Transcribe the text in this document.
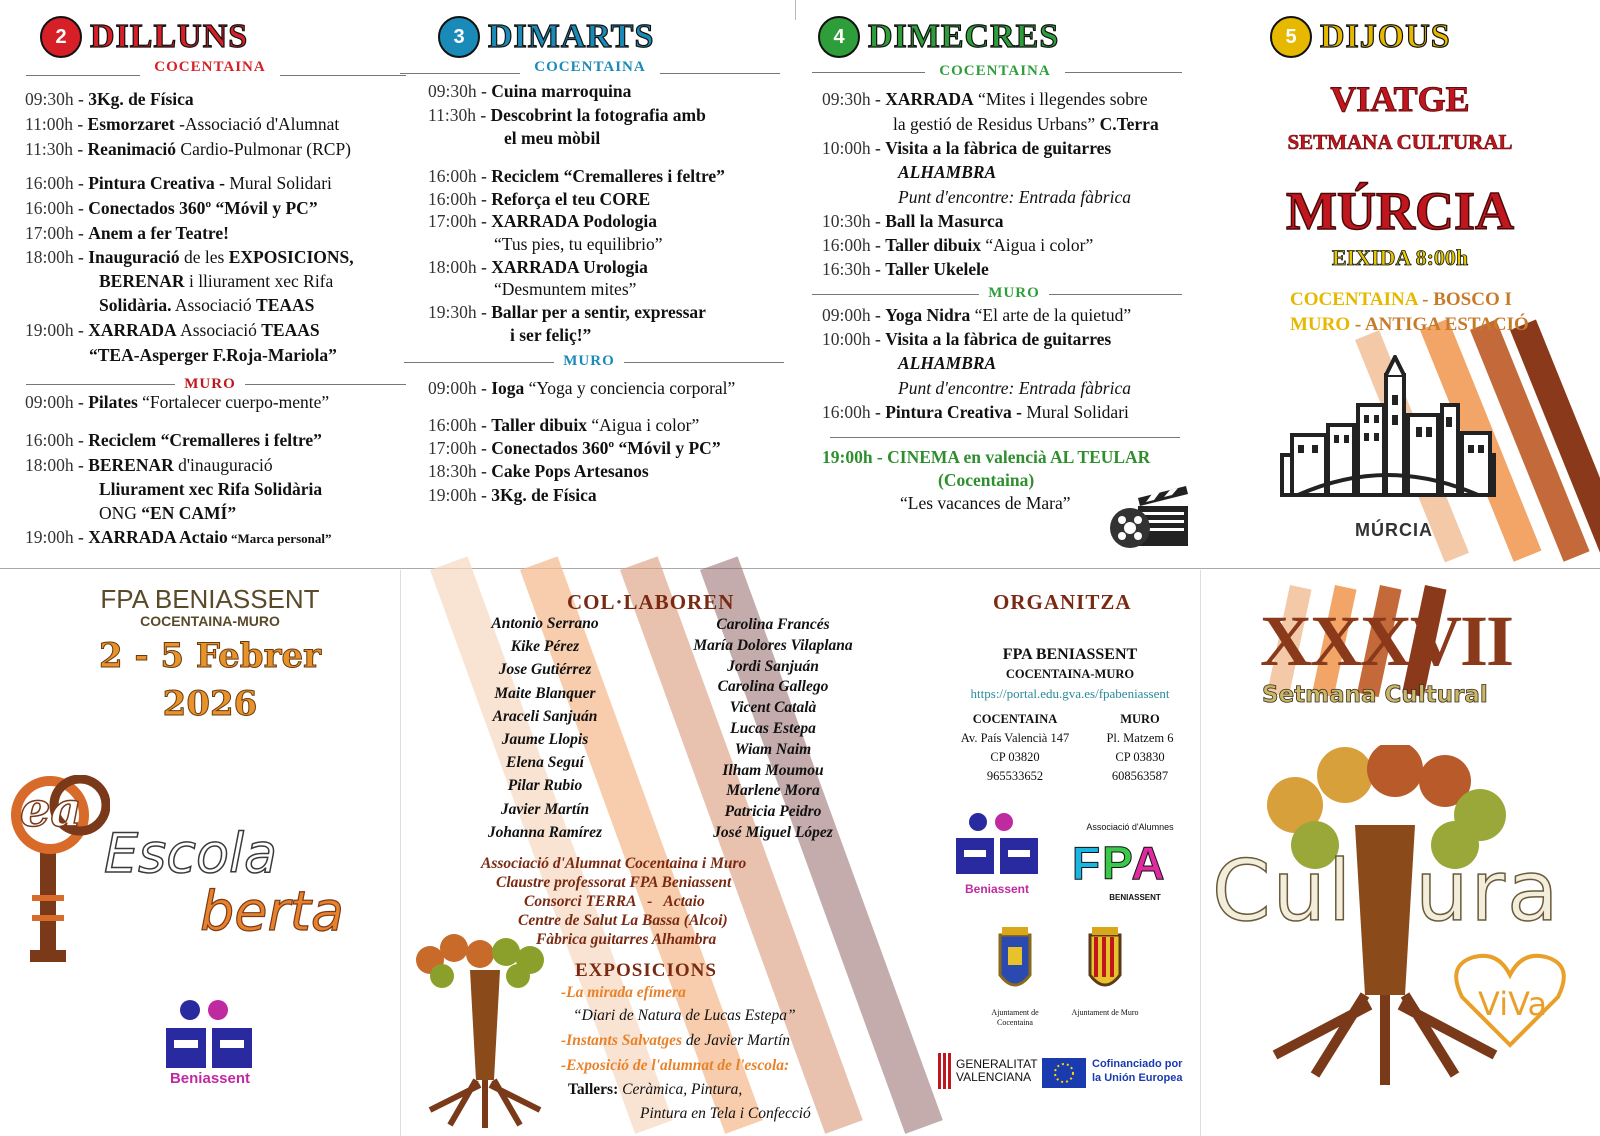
2 DILLUNS
COCENTAINA
09:30h - 3Kg. de Física
11:00h - Esmorzaret -Associació d'Alumnat
11:30h - Reanimació Cardio-Pulmonar (RCP)
16:00h - Pintura Creativa - Mural Solidari
16:00h - Conectados 360º “Móvil y PC”
17:00h - Anem a fer Teatre!
18:00h - Inauguració de les EXPOSICIONS,
BERENAR i lliurament xec Rifa
Solidària. Associació TEAAS
19:00h - XARRADA Associació TEAAS
“TEA-Asperger F.Roja-Mariola”
MURO
09:00h - Pilates “Fortalecer cuerpo-mente”
16:00h - Reciclem “Cremalleres i feltre”
18:00h - BERENAR d'inauguració
Lliurament xec Rifa Solidària
ONG “EN CAMÍ”
19:00h - XARRADA Actaio “Marca personal”
3 DIMARTS
COCENTAINA
09:30h - Cuina marroquina
11:30h - Descobrint la fotografia amb
el meu mòbil
16:00h - Reciclem “Cremalleres i feltre”
16:00h - Reforça el teu CORE
17:00h - XARRADA Podologia
“Tus pies, tu equilibrio”
18:00h - XARRADA Urologia
“Desmuntem mites”
19:30h - Ballar per a sentir, expressar
i ser feliç!”
MURO
09:00h - Ioga “Yoga y conciencia corporal”
16:00h - Taller dibuix “Aigua i color”
17:00h - Conectados 360º “Móvil y PC”
18:30h - Cake Pops Artesanos
19:00h - 3Kg. de Física
4 DIMECRES
COCENTAINA
09:30h - XARRADA “Mites i llegendes sobre
la gestió de Residus Urbans” C.Terra
10:00h - Visita a la fàbrica de guitarres
ALHAMBRA
Punt d'encontre: Entrada fàbrica
10:30h - Ball la Masurca
16:00h - Taller dibuix “Aigua i color”
16:30h - Taller Ukelele
MURO
09:00h - Yoga Nidra “El arte de la quietud”
10:00h - Visita a la fàbrica de guitarres
ALHAMBRA
Punt d'encontre: Entrada fàbrica
16:00h - Pintura Creativa - Mural Solidari
19:00h - CINEMA en valencià AL TEULAR
(Cocentaina)
“Les vacances de Mara”
5 DIJOUS
VIATGE
SETMANA CULTURAL
MÚRCIA
EIXIDA 8:00h
COCENTAINA - BOSCO I
MURO - ANTIGA ESTACIÓ
MÚRCIA
FPA BENIASSENT
COCENTAINA-MURO
2 - 5 Febrer
2026
ea
Escola
berta
Beniassent
COL·LABOREN
Antonio Serrano
Kike Pérez
Jose Gutiérrez
Maite Blanquer
Araceli Sanjuán
Jaume Llopis
Elena Seguí
Pilar Rubio
Javier Martín
Johanna Ramírez
Carolina Francés
María Dolores Vilaplana
Jordi Sanjuán
Carolina Gallego
Vicent Català
Lucas Estepa
Wiam Naim
Ilham Moumou
Marlene Mora
Patricia Peidro
José Miguel López
Associació d'Alumnat Cocentaina i Muro
Claustre professorat FPA Beniassent
Consorci TERRA   -   Actaio
Centre de Salut La Bassa (Alcoi)
Fàbrica guitarres Alhambra
EXPOSICIONS
-La mirada efímera
“Diari de Natura de Lucas Estepa”
-Instants Salvatges de Javier Martín
-Exposició de l'alumnat de l'escola:
Tallers: Ceràmica, Pintura,
Pintura en Tela i Confecció
ORGANITZA
FPA BENIASSENT
COCENTAINA-MURO
https://portal.edu.gva.es/fpabeniassent
COCENTAINA
Av. País Valencià 147
CP 03820
965533652
MURO
Pl. Matzem 6
CP 03830
608563587
Beniassent
Associació d'Alumnes
FPA
BENIASSENT
Ajuntament de Cocentaina
Ajuntament de Muro
GENERALITAT VALENCIANA
Cofinanciado por
la Unión Europea
XXXVII
Setmana Cultural
Cul ura
ViVa
